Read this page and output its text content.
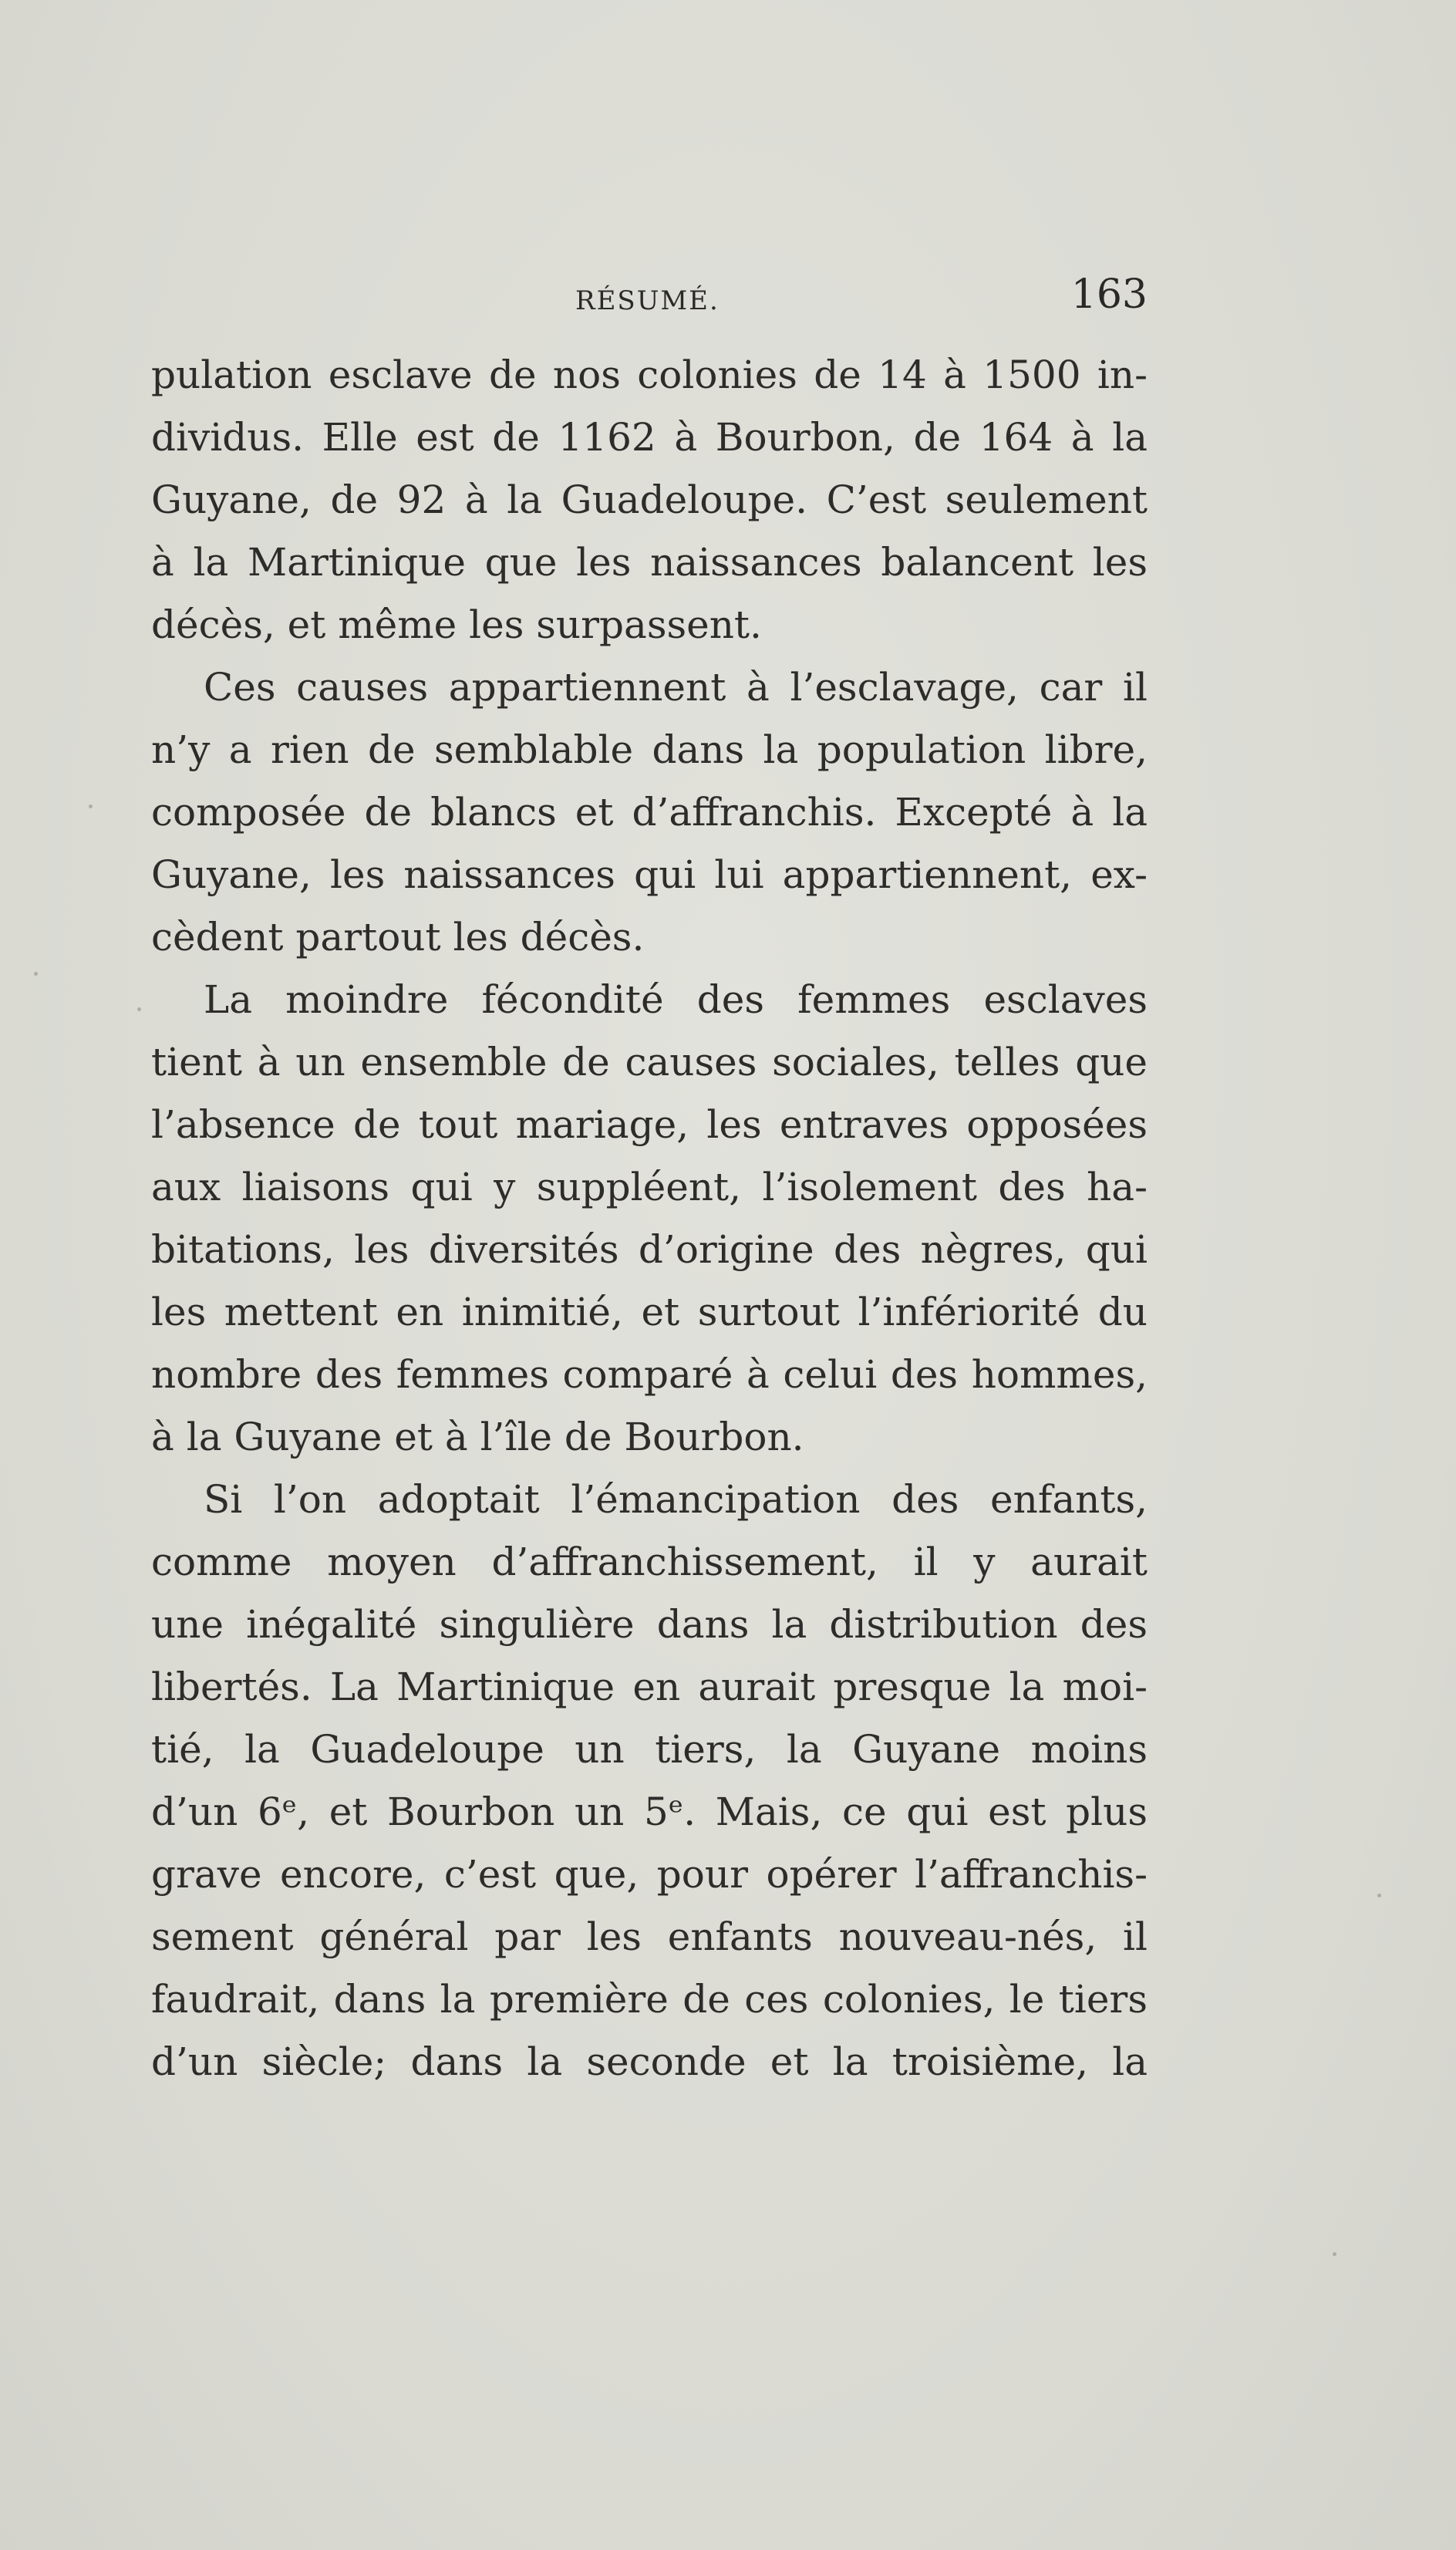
RÉSUMÉ.	163
pulation esclave de nos colonies de 14 à 1500 in-
dividus. Elle est de 1162 à Bourbon, de 164 à la
Guyane, de 92 à la Guadeloupe. C’est seulement
à la Martinique que les naissances balancent les
décès, et même les surpassent.
Ces causes appartiennent à l’esclavage, car il
n’y a rien de semblable dans la population libre,
composée de blancs et d’affranchis. Excepté à la
Guyane, les naissances qui lui appartiennent, ex-
cèdent partout les décès.
La moindre fécondité des femmes esclaves
tient à un ensemble de causes sociales, telles que
l’absence de tout mariage, les entraves opposées
aux liaisons qui y suppléent, l’isolement des ha-
bitations, les diversités d’origine des nègres, qui
les mettent en inimitié, et surtout l’infériorité du
nombre des femmes comparé à celui des hommes,
à la Guyane et à l’île de Bourbon.
Si l’on adoptait l’émancipation des enfants,
comme moyen d’affranchissement, il y aurait
une inégalité singulière dans la distribution des
libertés. La Martinique en aurait presque la moi-
tié, la Guadeloupe un tiers, la Guyane moins
d’un 6ᵉ, et Bourbon un 5ᵉ. Mais, ce qui est plus
grave encore, c’est que, pour opérer l’affranchis-
sement général par les enfants nouveau-nés, il
faudrait, dans la première de ces colonies, le tiers
d’un siècle; dans la seconde et la troisième, la
